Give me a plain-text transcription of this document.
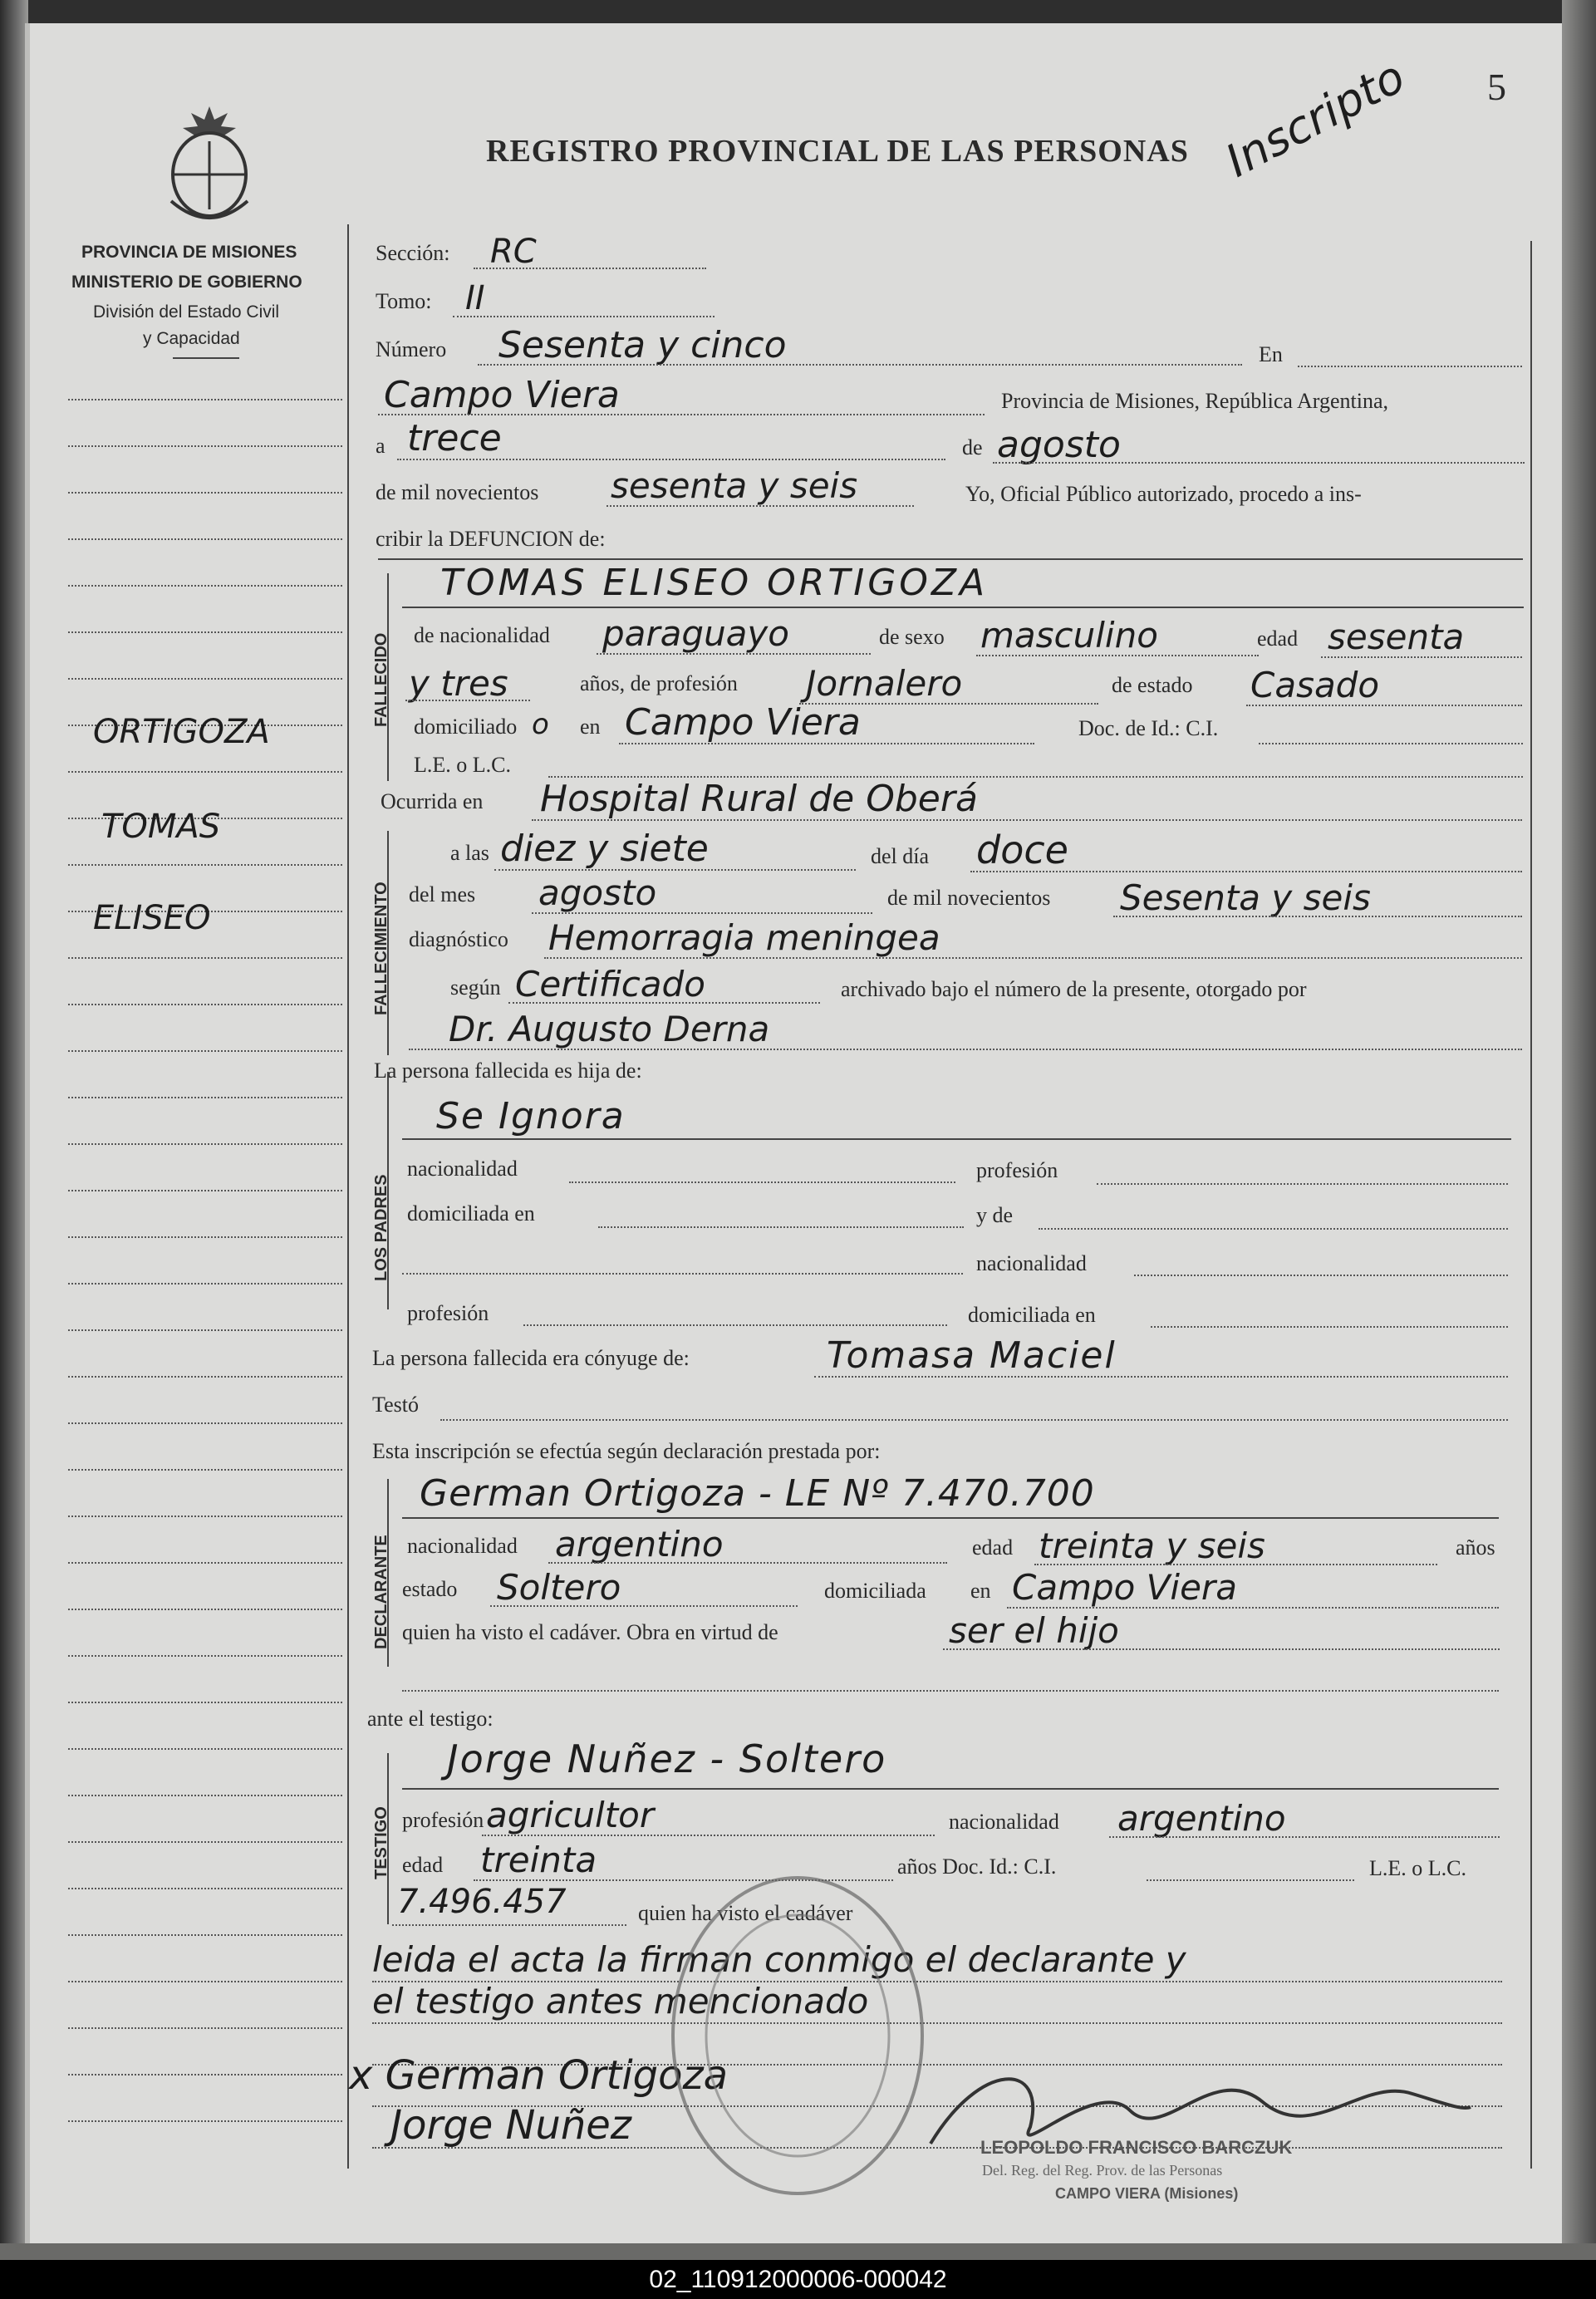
5
REGISTRO PROVINCIAL DE LAS PERSONAS Inscripto
PROVINCIA DE MISIONES
MINISTERIO DE GOBIERNO
División del Estado Civil
y Capacidad
ORTIGOZA
TOMAS
ELISEO
Sección: RC
Tomo: II
Número Sesenta y cinco	En
Campo Viera	Provincia de Misiones, República Argentina,
a trece	de agosto
de mil novecientos sesenta y seis	Yo, Oficial Público autorizado, procedo a ins-
cribir la DEFUNCION de:
FALLECIDO
TOMAS ELISEO ORTIGOZA
de nacionalidad paraguayo	de sexo masculino	edad sesenta
y tres	años, de profesión Jornalero	de estado Casado
domiciliado o en Campo Viera	Doc. de Id.: C.I.
L.E. o L.C.
Ocurrida en Hospital Rural de Oberá
FALLECIMIENTO
a las diez y siete	del día doce
del mes agosto	de mil novecientos Sesenta y seis
diagnóstico Hemorragia meningea
según Certificado	archivado bajo el número de la presente, otorgado por
Dr. Augusto Derna
La persona fallecida es hija de:
LOS PADRES
Se Ignora
nacionalidad	profesión
domiciliada en	y de
nacionalidad
profesión	domiciliada en
La persona fallecida era cónyuge de:	Tomasa Maciel
Testó
Esta inscripción se efectúa según declaración prestada por:
DECLARANTE
German Ortigoza - LE Nº 7.470.700
nacionalidad argentino	edad treinta y seis	años
estado Soltero	domiciliada en Campo Viera
quien ha visto el cadáver. Obra en virtud de	ser el hijo
ante el testigo:
TESTIGO
Jorge Nuñez - Soltero
profesión agricultor	nacionalidad argentino
edad treinta	años Doc. Id.: C.I.	L.E. o L.C.
7.496.457	quien ha visto el cadáver
leida el acta la firman conmigo el declarante y
el testigo antes mencionado
x German Ortigoza
Jorge Nuñez	LEOPOLDO FRANCISCO BARCZUK
Del. Reg. del Reg. Prov. de las Personas
CAMPO VIERA (Misiones)
02_110912000006-000042
